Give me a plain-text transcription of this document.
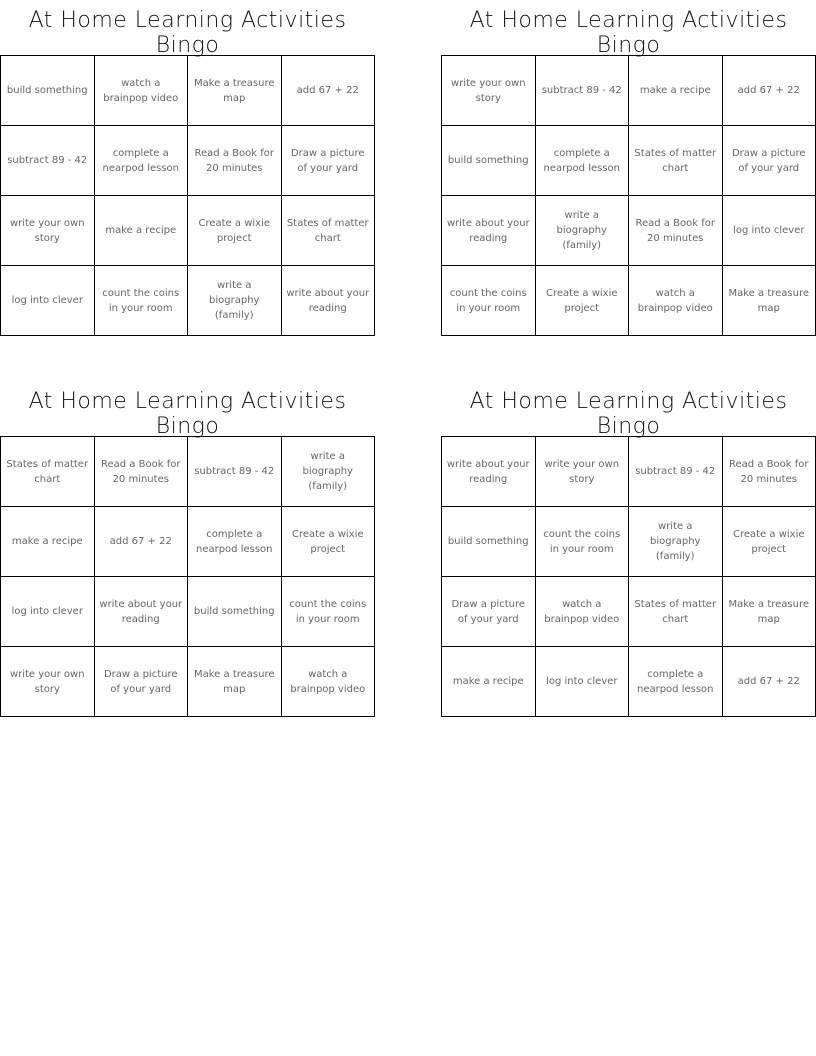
At Home Learning Activities Bingo
build something	watch a brainpop video	Make a treasure map	add 67 + 22
subtract 89 - 42	complete a nearpod lesson	Read a Book for 20 minutes	Draw a picture of your yard
write your own story	make a recipe	Create a wixie project	States of matter chart
log into clever	count the coins in your room	write a biography (family)	write about your reading
At Home Learning Activities Bingo
write your own story	subtract 89 - 42	make a recipe	add 67 + 22
build something	complete a nearpod lesson	States of matter chart	Draw a picture of your yard
write about your reading	write a biography (family)	Read a Book for 20 minutes	log into clever
count the coins in your room	Create a wixie project	watch a brainpop video	Make a treasure map
At Home Learning Activities Bingo
States of matter chart	Read a Book for 20 minutes	subtract 89 - 42	write a biography (family)
make a recipe	add 67 + 22	complete a nearpod lesson	Create a wixie project
log into clever	write about your reading	build something	count the coins in your room
write your own story	Draw a picture of your yard	Make a treasure map	watch a brainpop video
At Home Learning Activities Bingo
write about your reading	write your own story	subtract 89 - 42	Read a Book for 20 minutes
build something	count the coins in your room	write a biography (family)	Create a wixie project
Draw a picture of your yard	watch a brainpop video	States of matter chart	Make a treasure map
make a recipe	log into clever	complete a nearpod lesson	add 67 + 22
